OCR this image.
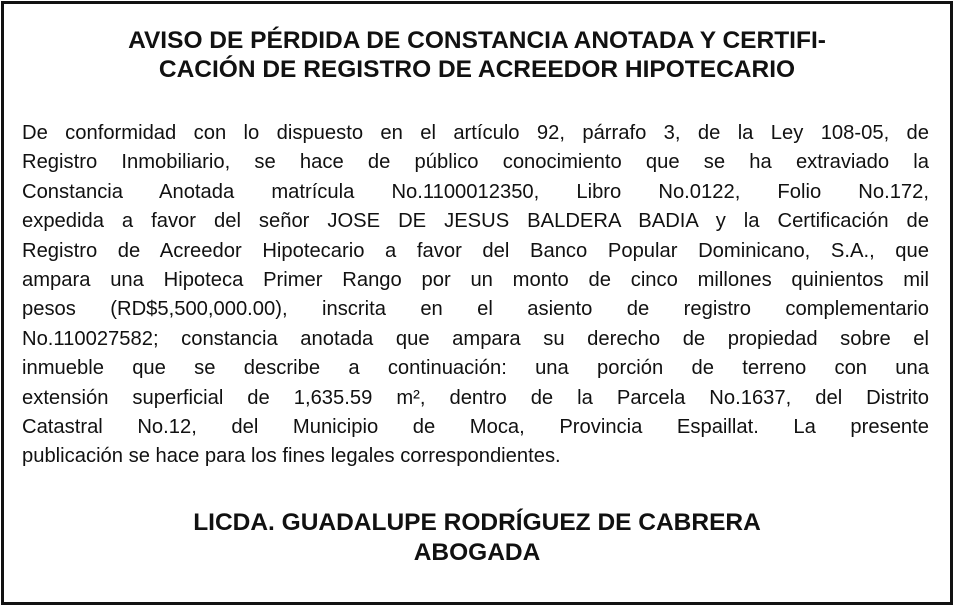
AVISO DE PÉRDIDA DE CONSTANCIA ANOTADA Y CERTIFI-
CACIÓN DE REGISTRO DE ACREEDOR HIPOTECARIO

De conformidad con lo dispuesto en el artículo 92, párrafo 3, de la Ley 108-05, de
Registro Inmobiliario, se hace de público conocimiento que se ha extraviado la
Constancia Anotada matrícula No.1100012350, Libro No.0122, Folio No.172,
expedida a favor del señor JOSE DE JESUS BALDERA BADIA y la Certificación de
Registro de Acreedor Hipotecario a favor del Banco Popular Dominicano, S.A., que
ampara una Hipoteca Primer Rango por un monto de cinco millones quinientos mil
pesos (RD$5,500,000.00), inscrita en el asiento de registro complementario
No.110027582; constancia anotada que ampara su derecho de propiedad sobre el
inmueble que se describe a continuación: una porción de terreno con una
extensión superficial de 1,635.59 m², dentro de la Parcela No.1637, del Distrito
Catastral No.12, del Municipio de Moca, Provincia Espaillat. La presente
publicación se hace para los fines legales correspondientes.

LICDA. GUADALUPE RODRÍGUEZ DE CABRERA
ABOGADA
